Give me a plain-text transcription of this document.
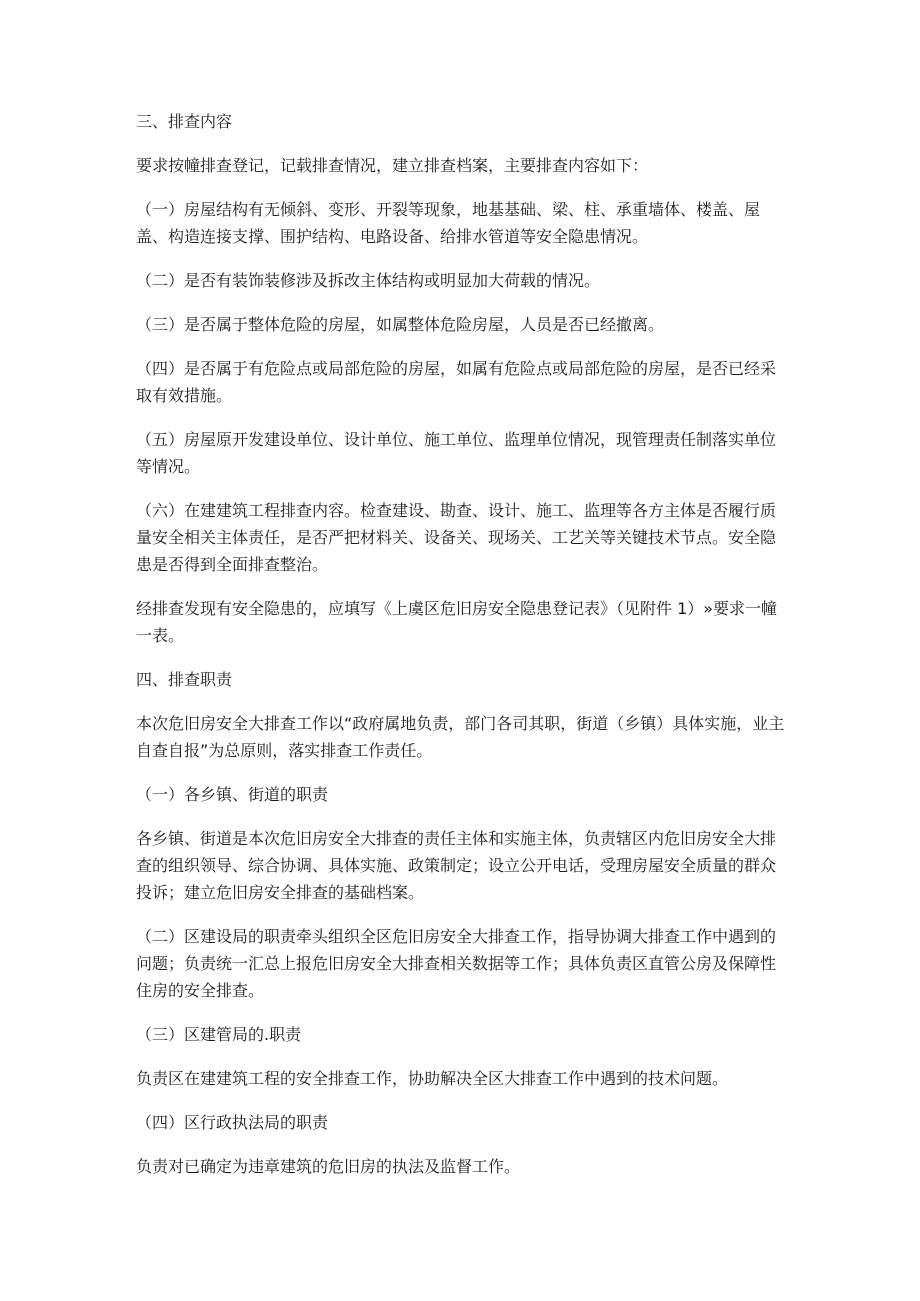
三、排查内容

要求按幢排查登记，记载排查情况，建立排查档案，主要排查内容如下：

（一）房屋结构有无倾斜、变形、开裂等现象，地基基础、梁、柱、承重墙体、楼盖、屋盖、构造连接支撑、围护结构、电路设备、给排水管道等安全隐患情况。

（二）是否有装饰装修涉及拆改主体结构或明显加大荷载的情况。

（三）是否属于整体危险的房屋，如属整体危险房屋，人员是否已经撤离。

（四）是否属于有危险点或局部危险的房屋，如属有危险点或局部危险的房屋，是否已经采取有效措施。

（五）房屋原开发建设单位、设计单位、施工单位、监理单位情况，现管理责任制落实单位等情况。

（六）在建建筑工程排查内容。检查建设、勘查、设计、施工、监理等各方主体是否履行质量安全相关主体责任，是否严把材料关、设备关、现场关、工艺关等关键技术节点。安全隐患是否得到全面排查整治。

经排查发现有安全隐患的，应填写《上虞区危旧房安全隐患登记表》（见附件 1）»要求一幢一表。

四、排查职责

本次危旧房安全大排查工作以“政府属地负责，部门各司其职，街道（乡镇）具体实施，业主自查自报”为总原则，落实排查工作责任。

（一）各乡镇、街道的职责

各乡镇、街道是本次危旧房安全大排查的责任主体和实施主体，负责辖区内危旧房安全大排查的组织领导、综合协调、具体实施、政策制定；设立公开电话，受理房屋安全质量的群众投诉；建立危旧房安全排查的基础档案。

（二）区建设局的职责牵头组织全区危旧房安全大排查工作，指导协调大排查工作中遇到的问题；负责统一汇总上报危旧房安全大排查相关数据等工作；具体负责区直管公房及保障性住房的安全排查。

（三）区建管局的.职责

负责区在建建筑工程的安全排查工作，协助解决全区大排查工作中遇到的技术问题。

（四）区行政执法局的职责

负责对已确定为违章建筑的危旧房的执法及监督工作。
